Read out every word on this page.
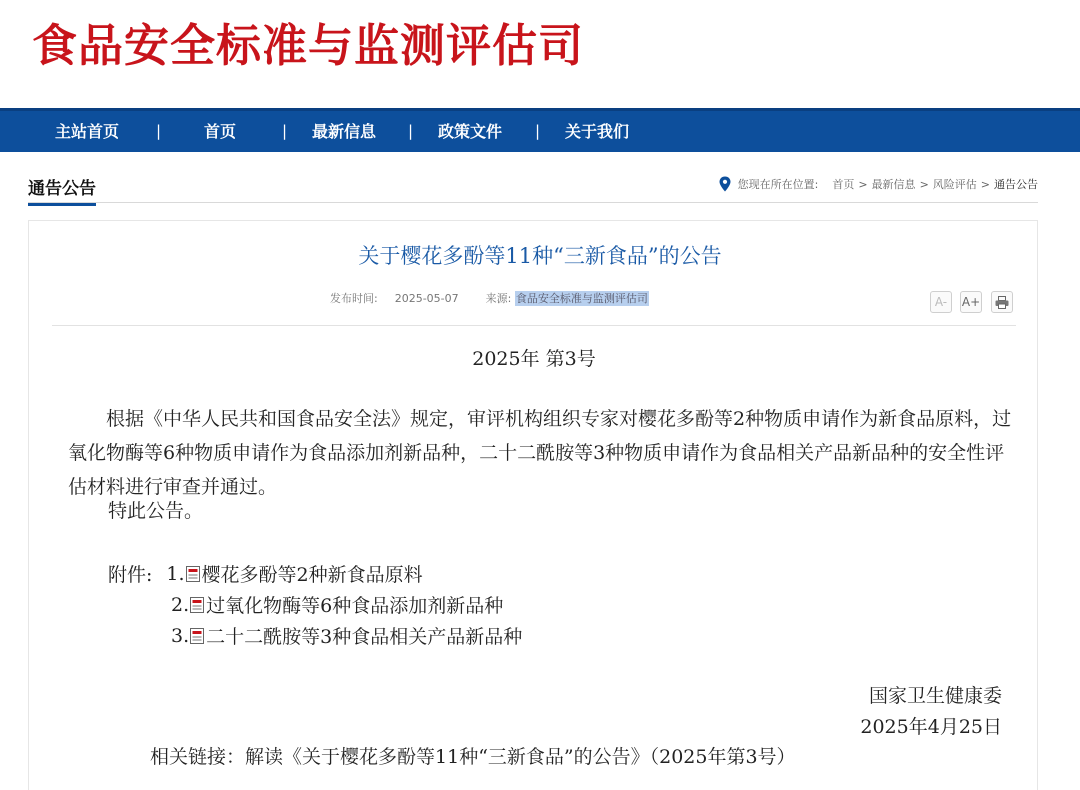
食品安全标准与监测评估司
主站首页 |	首页	| 最新信息 | 政策文件 | 关于我们
通告公告	您现在所在位置: 首页 > 最新信息 > 风险评估 > 通告公告
关于樱花多酚等11种“三新食品”的公告
发布时间: 2025-05-07 来源: 食品安全标准与监测评估司	A-	A+
2025年 第3号
根据《中华人民共和国食品安全法》规定，审评机构组织专家对樱花多酚等2种物质申请作为新食品原料，过氧化物酶等6种物质申请作为食品添加剂新品种，二十二酰胺等3种物质申请作为食品相关产品新品种的安全性评估材料进行审查并通过。
特此公告。
附件: 1. 樱花多酚等2种新食品原料
2. 过氧化物酶等6种食品添加剂新品种
3. 二十二酰胺等3种食品相关产品新品种
国家卫生健康委
2025年4月25日
相关链接：解读《关于樱花多酚等11种“三新食品”的公告》（2025年第3号）
